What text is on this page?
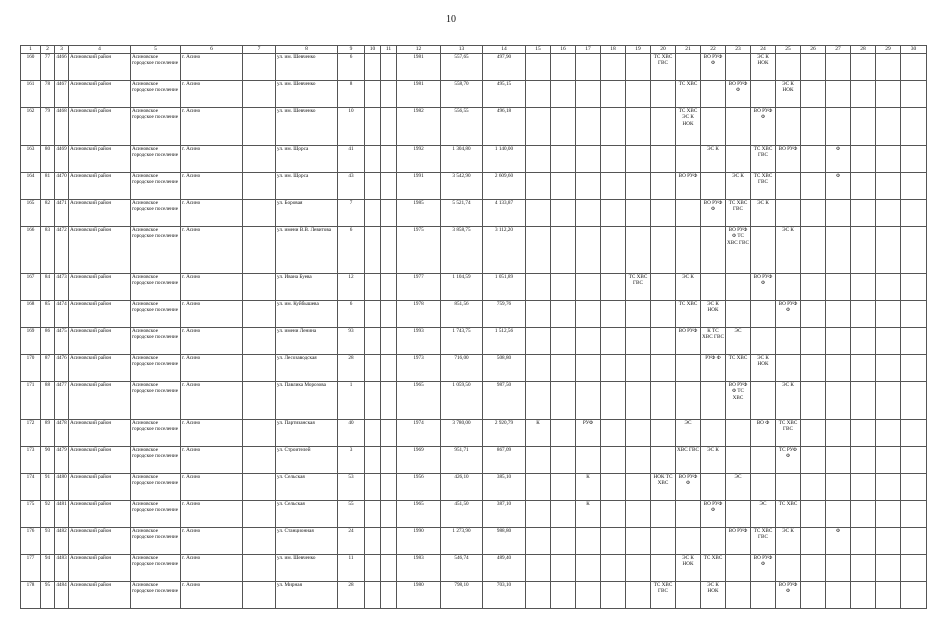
10
1	2	3	4	5	6	7	8	9	10	11	12	13	14	15	16	17	18	19	20	21	22	23	24	25	26	27	28	29	30
160	77	4466	Асиновский район	Асиновское городское поселение	г. Асино		ул. им. Шевченко	6			1981	557,65	497,90						ТС ХВС ГВС		ВО РУФ Ф		ЭС К НОК						
161	78	4467	Асиновский район	Асиновское городское поселение	г. Асино		ул. им. Шевченко	8			1981	558,70	495,15							ТС ХВС		ВО РУФ Ф		ЭС К НОК					
162	79	4468	Асиновский район	Асиновское городское поселение	г. Асино		ул. им. Шевченко	10			1982	556,55	496,18							ТС ХВС ЭС К НОК			ВО РУФ Ф						
163	80	4469	Асиновский район	Асиновское городское поселение	г. Асино		ул. им. Щорса	41			1992	1 304,80	1 140,00								ЭС К		ТС ХВС ГВС	ВО РУФ		Ф			
164	81	4470	Асиновский район	Асиновское городское поселение	г. Асино		ул. им. Щорса	43			1991	3 542,90	2 609,60							ВО РУФ		ЭС К	ТС ХВС ГВС			Ф			
165	82	4471	Асиновский район	Асиновское городское поселение	г. Асино		ул. Боровая	7			1985	5 521,74	4 133,87								ВО РУФ Ф	ТС ХВС ГВС	ЭС К						
166	83	4472	Асиновский район	Асиновское городское поселение	г. Асино		ул. имени В.В. Левитова	6			1975	3 858,75	3 112,20									ВО РУФ Ф ТС ХВС ГВС		ЭС К					
167	84	4473	Асиновский район	Асиновское городское поселение	г. Асино		ул. Ивана Буева	12			1977	1 104,59	1 051,89					ТС ХВС ГВС		ЭС К			ВО РУФ Ф						
168	85	4474	Асиновский район	Асиновское городское поселение	г. Асино		ул. им. Куйбышева	6			1978	851,56	759,76							ТС ХВС	ЭС К НОК			ВО РУФ Ф					
169	86	4475	Асиновский район	Асиновское городское поселение	г. Асино		ул. имени Ленина	93			1993	1 743,75	1 512,56							ВО РУФ	К ТС ХВС ГВС	ЭС							
170	87	4476	Асиновский район	Асиновское городское поселение	г. Асино		ул. Лесозаводская	28			1973	716,00	508,80								РУФ Ф	ТС ХВС	ЭС К НОК						
171	88	4477	Асиновский район	Асиновское городское поселение	г. Асино		ул. Павлика Морозова	1			1965	1 059,50	987,50									ВО РУФ Ф ТС ХВС		ЭС К					
172	89	4478	Асиновский район	Асиновское городское поселение	г. Асино		ул. Партизанская	40			1974	3 780,00	2 920,79	К		РУФ				ЭС			ВО Ф	ТС ХВС ГВС					
173	90	4479	Асиновский район	Асиновское городское поселение	г. Асино		ул. Строителей	3			1969	951,71	867,09							ХВС ГВС	ЭС К			ТС РУФ Ф					
174	91	4480	Асиновский район	Асиновское городское поселение	г. Асино		ул. Сельская	53			1956	426,10	385,10			К			НОК ТС ХВС	ВО РУФ Ф		ЭС							
175	92	4481	Асиновский район	Асиновское городское поселение	г. Асино		ул. Сельская	55			1965	451,50	387,10			К					ВО РУФ Ф		ЭС	ТС ХВС					
176	93	4482	Асиновский район	Асиновское городское поселение	г. Асино		ул. Станционная	24			1990	1 273,90	988,80									ВО РУФ	ТС ХВС ГВС	ЭС К		Ф			
177	94	4483	Асиновский район	Асиновское городское поселение	г. Асино		ул. им. Шевченко	11			1983	546,74	489,40							ЭС К НОК	ТС ХВС		ВО РУФ Ф						
178	95	4484	Асиновский район	Асиновское городское поселение	г. Асино		ул. Мирная	28			1980	798,10	703,10						ТС ХВС ГВС		ЭС К НОК			ВО РУФ Ф					
